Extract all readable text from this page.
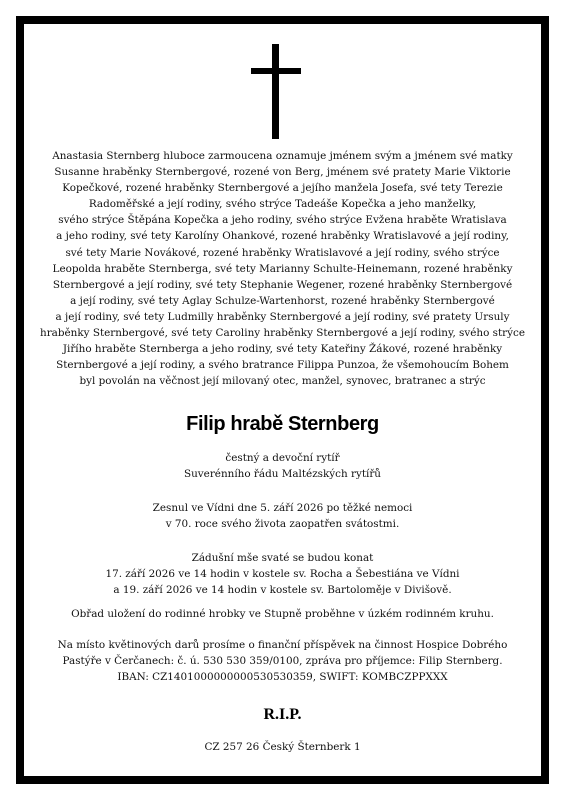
Anastasia Sternberg hluboce zarmoucena oznamuje jménem svým a jménem své matky
Susanne hraběnky Sternbergové, rozené von Berg, jménem své pratety Marie Viktorie
Kopečkové, rozené hraběnky Sternbergové a jejího manžela Josefa, své tety Terezie
Radoměřské a její rodiny, svého strýce Tadeáše Kopečka a jeho manželky,
svého strýce Štěpána Kopečka a jeho rodiny, svého strýce Evžena hraběte Wratislava
a jeho rodiny, své tety Karolíny Ohankové, rozené hraběnky Wratislavové a její rodiny,
své tety Marie Novákové, rozené hraběnky Wratislavové a její rodiny, svého strýce
Leopolda hraběte Sternberga, své tety Marianny Schulte-Heinemann, rozené hraběnky
Sternbergové a její rodiny, své tety Stephanie Wegener, rozené hraběnky Sternbergové
a její rodiny, své tety Aglay Schulze-Wartenhorst, rozené hraběnky Sternbergové
a její rodiny, své tety Ludmilly hraběnky Sternbergové a její rodiny, své pratety Ursuly
hraběnky Sternbergové, své tety Caroliny hraběnky Sternbergové a její rodiny, svého strýce
Jiřího hraběte Sternberga a jeho rodiny, své tety Kateřiny Žákové, rozené hraběnky
Sternbergové a její rodiny, a svého bratrance Filippa Punzoa, že všemohoucím Bohem
byl povolán na věčnost její milovaný otec, manžel, synovec, bratranec a strýc
Filip hrabě Sternberg
čestný a devoční rytíř
Suverénního řádu Maltézských rytířů
Zesnul ve Vídni dne 5. září 2026 po těžké nemoci
v 70. roce svého života zaopatřen svátostmi.
Zádušní mše svaté se budou konat
17. září 2026 ve 14 hodin v kostele sv. Rocha a Šebestiána ve Vídni
a 19. září 2026 ve 14 hodin v kostele sv. Bartoloměje v Divišově.
Obřad uložení do rodinné hrobky ve Stupně proběhne v úzkém rodinném kruhu.
Na místo květinových darů prosíme o finanční příspěvek na činnost Hospice Dobrého
Pastýře v Čerčanech: č. ú. 530 530 359/0100, zpráva pro příjemce: Filip Sternberg.
IBAN: CZ1401000000000530530359, SWIFT: KOMBCZPPXXX
R.I.P.
CZ 257 26 Český Šternberk 1
